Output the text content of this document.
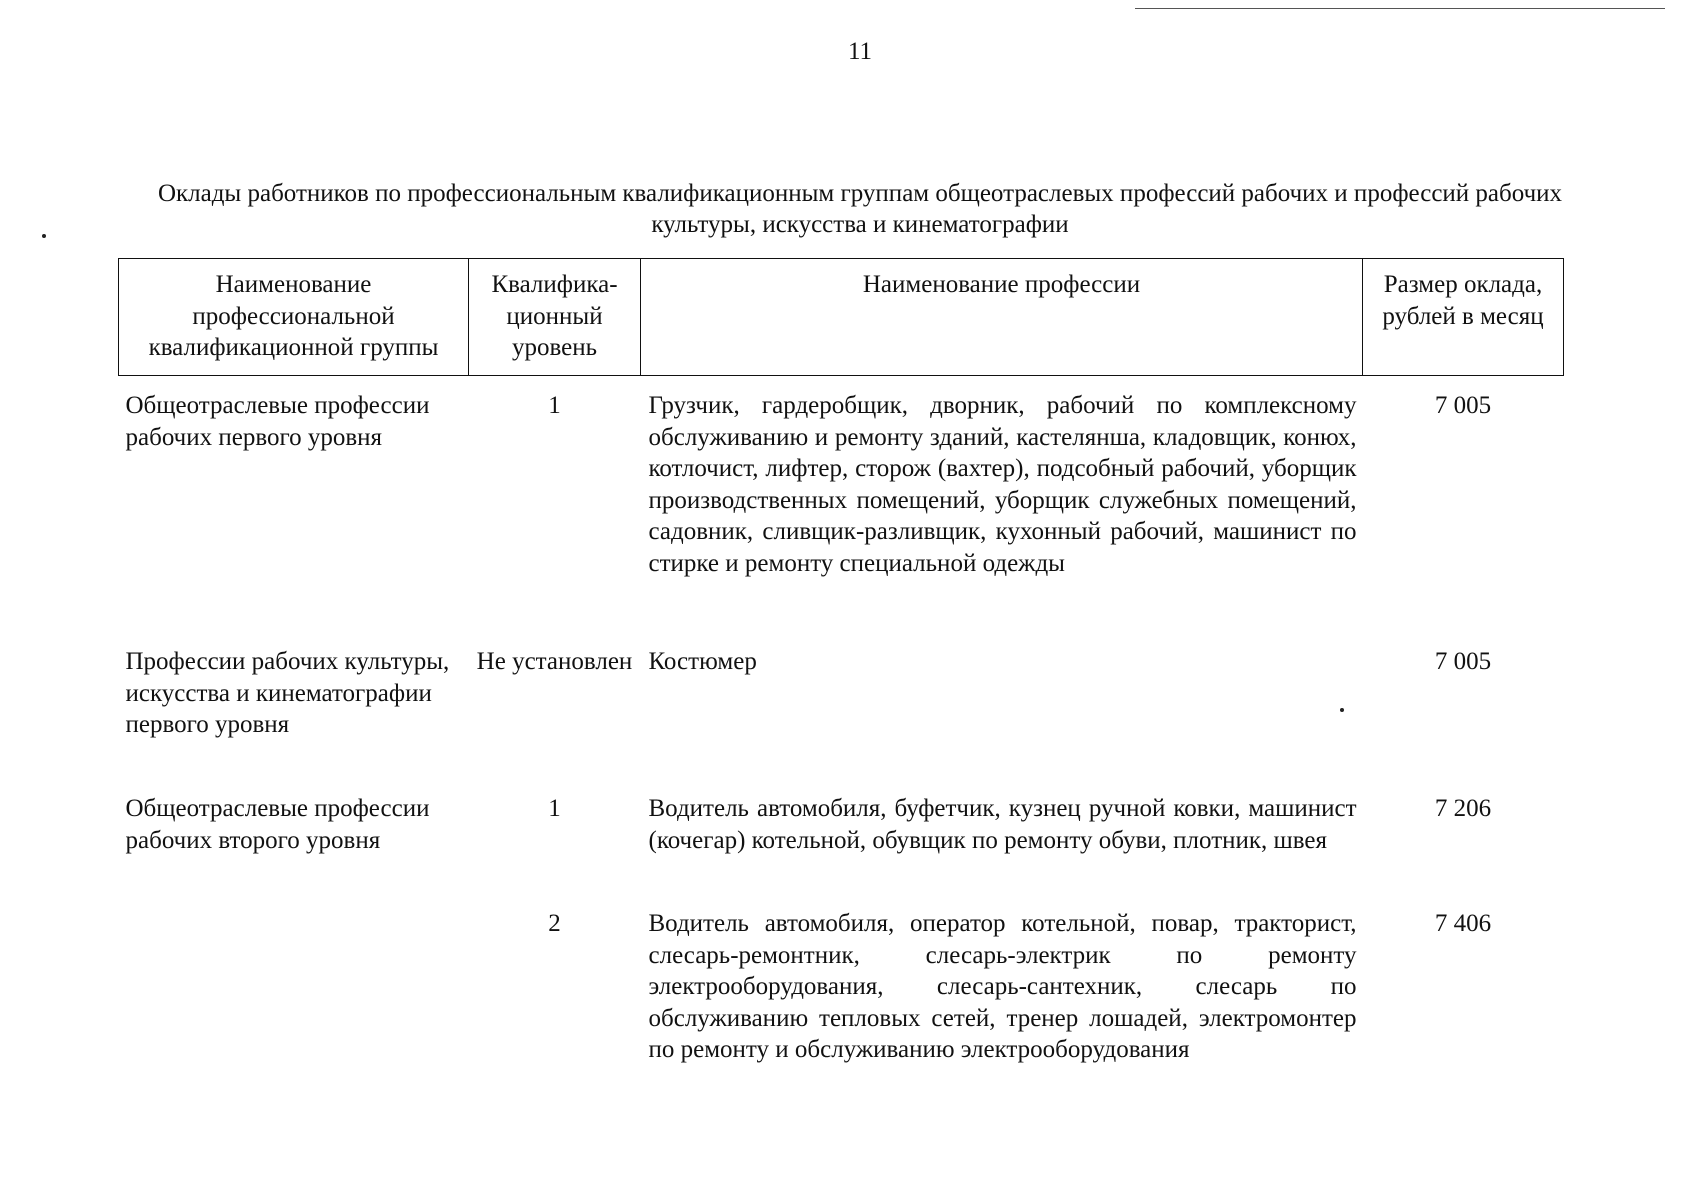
11
Оклады работников по профессиональным квалификационным группам общеотраслевых профессий рабочих и профессий рабочих культуры, искусства и кинематографии
Наименование профессиональной квалификационной группы	Квалифика-ционный уровень	Наименование профессии	Размер оклада, рублей в месяц
Общеотраслевые профессии рабочих первого уровня	1	Грузчик, гардеробщик, дворник, рабочий по комплексному обслуживанию и ремонту зданий, кастелянша, кладовщик, конюх, котлочист, лифтер, сторож (вахтер), подсобный рабочий, уборщик производственных помещений, уборщик служебных помещений, садовник, сливщик-разливщик, кухонный рабочий, машинист по стирке и ремонту специальной одежды	7 005
Профессии рабочих культуры, искусства и кинематографии первого уровня	Не установлен	Костюмер	7 005
Общеотраслевые профессии рабочих второго уровня	1	Водитель автомобиля, буфетчик, кузнец ручной ковки, машинист (кочегар) котельной, обувщик по ремонту обуви, плотник, швея	7 206
	2	Водитель автомобиля, оператор котельной, повар, тракторист, слесарь-ремонтник, слесарь-электрик по ремонту электрооборудования, слесарь-сантехник, слесарь по обслуживанию тепловых сетей, тренер лошадей, электромонтер по ремонту и обслуживанию электрооборудования	7 406
